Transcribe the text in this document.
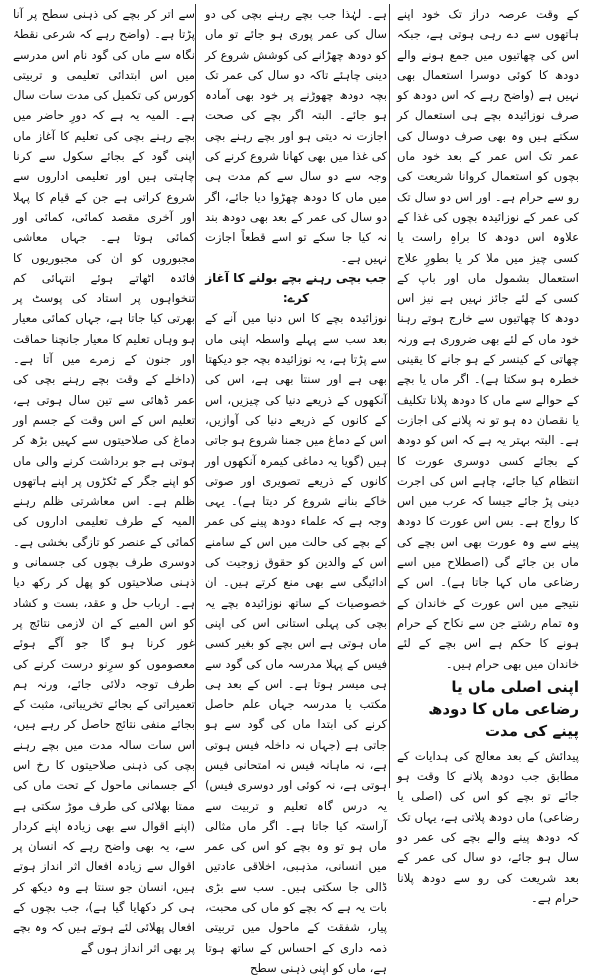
کے وقت عرصہ دراز تک خود اپنے ہاتھوں سے دے رہی ہوتی ہے، جبکہ اس کی چھاتیوں میں جمع ہونے والے دودھ کا کوئی دوسرا استعمال بھی نہیں ہے (واضح رہے کہ اس دودھ کو صرف نوزائیدہ بچے ہی استعمال کر سکتے ہیں وہ بھی صرف دوسال کی عمر تک اس عمر کے بعد خود ماں بچوں کو استعمال کروانا شریعت کی رو سے حرام ہے۔ اور اس دو سال تک کی عمر کے نوزائیدہ بچوں کی غذا کے علاوہ اس دودھ کا براہِ راست یا کسی چیز میں ملا کر یا بطورِ علاج استعمال بشمول ماں اور باپ کے کسی کے لئے جائز نہیں ہے نیز اس دودھ کا چھاتیوں سے خارج ہوتے رہنا خود ماں کے لئے بھی ضروری ہے ورنہ چھاتی کے کینسر کے ہو جانے کا یقینی خطرہ ہو سکتا ہے)۔ اگر ماں یا بچے کے حوالے سے ماں کا دودھ پلانا تکلیف یا نقصان دہ ہو تو نہ پلانے کی اجازت ہے۔ البتہ بہتر یہ ہے کہ اس کو دودھ کے بجائے کسی دوسری عورت کا انتظام کیا جائے، چاہے اس کی اجرت دینی پڑ جائے جیسا کہ عرب میں اس کا رواج ہے۔ بس اس عورت کا دودھ پینے سے وہ عورت بھی اس بچے کی ماں بن جائے گی (اصطلاح میں اسے رضاعی ماں کہا جاتا ہے)۔ اس کے نتیجے میں اس عورت کے خاندان کے وہ تمام رشتے جن سے نکاح کے حرام ہونے کا حکم ہے اس بچے کے لئے خاندان میں بھی حرام ہیں۔

اپنی اصلی ماں یا رضاعی ماں کا دودھ پینے کی مدت

پیدائش کے بعد معالج کی ہدایات کے مطابق جب دودھ پلانے کا وقت ہو جائے تو بچے کو اس کی (اصلی یا رضاعی) ماں دودھ پلاتی ہے، یہاں تک کہ دودھ پینے والے بچے کی عمر دو سال ہو جائے، دو سال کی عمر کے بعد شریعت کی رو سے دودھ پلانا حرام ہے۔

ہے۔ لہٰذا جب بچے رہنے بچی کی دو سال کی عمر پوری ہو جائے تو ماں کو دودھ چھڑانے کی کوشش شروع کر دینی چاہئے تاکہ دو سال کی عمر تک بچہ دودھ چھوڑنے پر خود بھی آمادہ ہو جائے۔ البتہ اگر بچے کی صحت اجازت نہ دیتی ہو اور بچے رہنے بچی کی غذا میں بھی کھانا شروع کرنے کی وجہ سے دو سال سے کم مدت ہی میں ماں کا دودھ چھڑوا دیا جائے، اگر دو سال کی عمر کے بعد بھی دودھ بند نہ کیا جا سکے تو اسے قطعاً اجازت نہیں ہے۔

جب بچی رہنے بچے بولنے کا آغاز کرے:

نوزائیدہ بچے کا اس دنیا میں آنے کے بعد سب سے پہلے واسطہ اپنی ماں سے پڑتا ہے، یہ نوزائیدہ بچہ جو دیکھتا بھی ہے اور سنتا بھی ہے، اس کی آنکھوں کے ذریعے دنیا کی چیزیں، اس کے کانوں کے ذریعے دنیا کی آوازیں، اس کے دماغ میں جمنا شروع ہو جاتی ہیں (گویا یہ دماغی کیمرہ آنکھوں اور کانوں کے ذریعے تصویری اور صوتی خاکے بنانے شروع کر دیتا ہے)۔ یہی وجہ ہے کہ علماء دودھ پینے کی عمر کے بچے کی حالت میں اس کے سامنے اس کے والدین کو حقوق زوجیت کی ادائیگی سے بھی منع کرتے ہیں۔ ان خصوصیات کے ساتھ نوزائیدہ بچے یہ بچی کی پہلی استانی اس کی اپنی ماں ہوتی ہے اس بچے کو بغیر کسی فیس کے پہلا مدرسہ ماں کی گود سے ہی میسر ہوتا ہے۔ اس کے بعد ہی مکتب یا مدرسہ جہاں علم حاصل کرنے کی ابتدا ماں کی گود سے ہو جاتی ہے (جہاں نہ داخلہ فیس ہوتی ہے، نہ ماہانہ فیس نہ امتحانی فیس ہوتی ہے، نہ کوئی اور دوسری فیس) یہ درس گاہ تعلیم و تربیت سے آراستہ کیا جاتا ہے۔ اگر ماں مثالی ماں ہو تو وہ بچے کو اس کی عمر میں انسانی، مذہبی، اخلاقی عادتیں ڈالی جا سکتی ہیں۔ سب سے بڑی بات یہ ہے کہ بچے کو ماں کی محبت، پیار، شفقت کے ماحول میں تربیتی ذمہ داری کے احساس کے ساتھ ہوتا ہے، ماں کو اپنی ذہنی سطح

سے اتر کر بچے کی ذہنی سطح پر آنا پڑتا ہے۔ (واضح رہے کہ شرعی نقطۂ نگاہ سے ماں کی گود نام اس مدرسے میں اس ابتدائی تعلیمی و تربیتی کورس کی تکمیل کی مدت سات سال ہے۔ المیہ یہ ہے کہ دورِ حاضر میں بچے رہنے بچی کی تعلیم کا آغاز ماں اپنی گود کے بجائے سکول سے کرنا چاہتی ہیں اور تعلیمی اداروں سے شروع کراتی ہے جن کے قیام کا پہلا اور آخری مقصد کمائی، کمائی اور کمائی ہوتا ہے۔ جہاں معاشی مجبوروں کو ان کی مجبوریوں کا فائدہ اٹھاتے ہوئے انتہائی کم تنخواہوں پر استاد کی پوسٹ پر بھرتی کیا جاتا ہے، جہاں کمائی معیار ہو وہاں تعلیم کا معیار جانچنا حماقت اور جنون کے زمرے میں آتا ہے۔ (داخلے کے وقت بچے رہنے بچی کی عمر ڈھائی سے تین سال ہوتی ہے، تعلیم اس کے اس وقت کے جسم اور دماغ کی صلاحیتوں سے کہیں بڑھ کر ہوتی ہے جو برداشت کرنے والی ماں کو اپنے جگر کے ٹکڑوں پر اپنے ہاتھوں ظلم ہے۔ اس معاشرتی ظلم رہنے المیہ کے طرف تعلیمی اداروں کی کمائی کے عنصر کو تازگی بخشی ہے۔ دوسری طرف بچوں کی جسمانی و ذہنی صلاحیتوں کو پھل کر رکھ دیا ہے۔ ارباب حل و عقد، بست و کشاد کو اس المیے کے ان لازمی نتائج پر غور کرنا ہو گا جو آگے ہوئے معصوموں کو سرِنو درست کرنے کی طرف توجہ دلائی جائے، ورنہ ہم تعمیراتی کے بجائے تخریباتی، مثبت کے بجائے منفی نتائج حاصل کر رہے ہیں، اس سات سالہ مدت میں بچے رہنے بچی کی ذہنی صلاحیتوں کا رخ اس کے جسمانی ماحول کے تحت ماں کی ممتا بھلائی کی طرف موڑ سکتی ہے (اپنے اقوال سے بھی زیادہ اپنے کردار سے، یہ بھی واضح رہے کہ انسان پر اقوال سے زیادہ افعال اثر انداز ہوتے ہیں، انسان جو سنتا ہے وہ دیکھ کر ہی کر دکھایا گیا ہے)، جب بچوں کے افعال پھلائی لئے ہوتے ہیں کہ وہ بچے پر بھی اثر انداز ہوں گے
